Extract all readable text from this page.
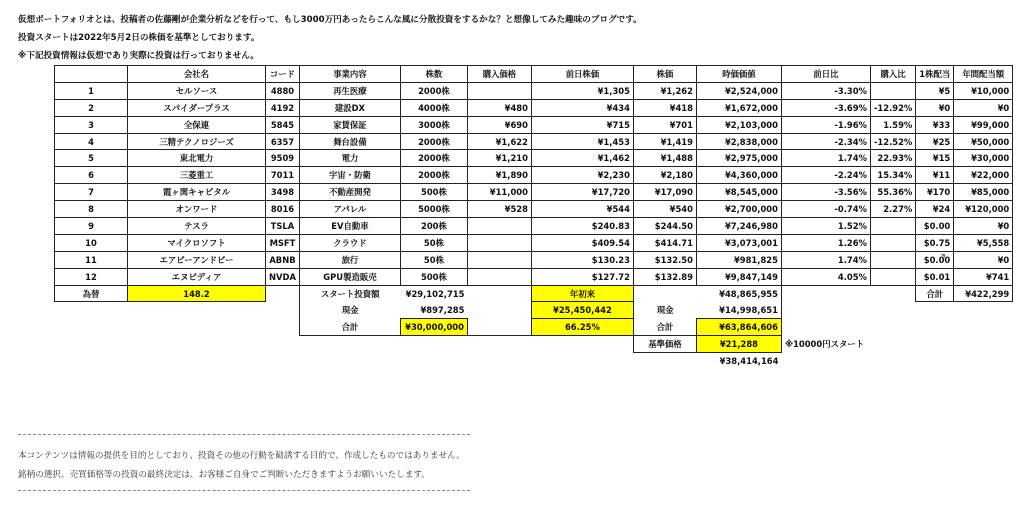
仮想ポートフォリオとは、投稿者の佐藤剛が企業分析などを行って、もし3000万円あったらこんな風に分散投資をするかな？と想像してみた趣味のブログです。
投資スタートは2022年5月2日の株価を基準としております。
※下記投資情報は仮想であり実際に投資は行っておりません。
	会社名	コード	事業内容	株数	購入価格	前日株価	株価	時価価値	前日比	購入比	1株配当	年間配当額
1	セルソース	4880	再生医療	2000株		¥1,305	¥1,262	¥2,524,000	-3.30%		¥5	¥10,000
2	スパイダープラス	4192	建設DX	4000株	¥480	¥434	¥418	¥1,672,000	-3.69%	-12.92%	¥0	¥0
3	全保連	5845	家賃保証	3000株	¥690	¥715	¥701	¥2,103,000	-1.96%	1.59%	¥33	¥99,000
4	三精テクノロジーズ	6357	舞台設備	2000株	¥1,622	¥1,453	¥1,419	¥2,838,000	-2.34%	-12.52%	¥25	¥50,000
5	東北電力	9509	電力	2000株	¥1,210	¥1,462	¥1,488	¥2,975,000	1.74%	22.93%	¥15	¥30,000
6	三菱重工	7011	宇宙・防衛	2000株	¥1,890	¥2,230	¥2,180	¥4,360,000	-2.24%	15.34%	¥11	¥22,000
7	霞ヶ関キャピタル	3498	不動産開発	500株	¥11,000	¥17,720	¥17,090	¥8,545,000	-3.56%	55.36%	¥170	¥85,000
8	オンワード	8016	アパレル	5000株	¥528	¥544	¥540	¥2,700,000	-0.74%	2.27%	¥24	¥120,000
9	テスラ	TSLA	EV自動車	200株		$240.83	$244.50	¥7,246,980	1.52%		$0.00	¥0
10	マイクロソフト	MSFT	クラウド	50株		$409.54	$414.71	¥3,073,001	1.26%		$0.75	¥5,558
11	エアビーアンドビー	ABNB	旅行	50株		$130.23	$132.50	¥981,825	1.74%		$0.00	¥0
12	エヌビディア	NVDA	GPU製造販売	500株		$127.72	$132.89	¥9,847,149	4.05%		$0.01	¥741
為替	148.2		スタート投資額	¥29,102,715		年初来		¥48,865,955			合計	¥422,299
			現金	¥897,285		¥25,450,442	現金	¥14,998,651				
			合計	¥30,000,000		66.25%	合計	¥63,864,606				
							基準価格	¥21,288	※10000円スタート			
								¥38,414,164				
本コンテンツは情報の提供を目的としており、投資その他の行動を勧誘する目的で、作成したものではありません。
銘柄の選択、売買価格等の投資の最終決定は、お客様ご自身でご判断いただきますようお願いいたします。
